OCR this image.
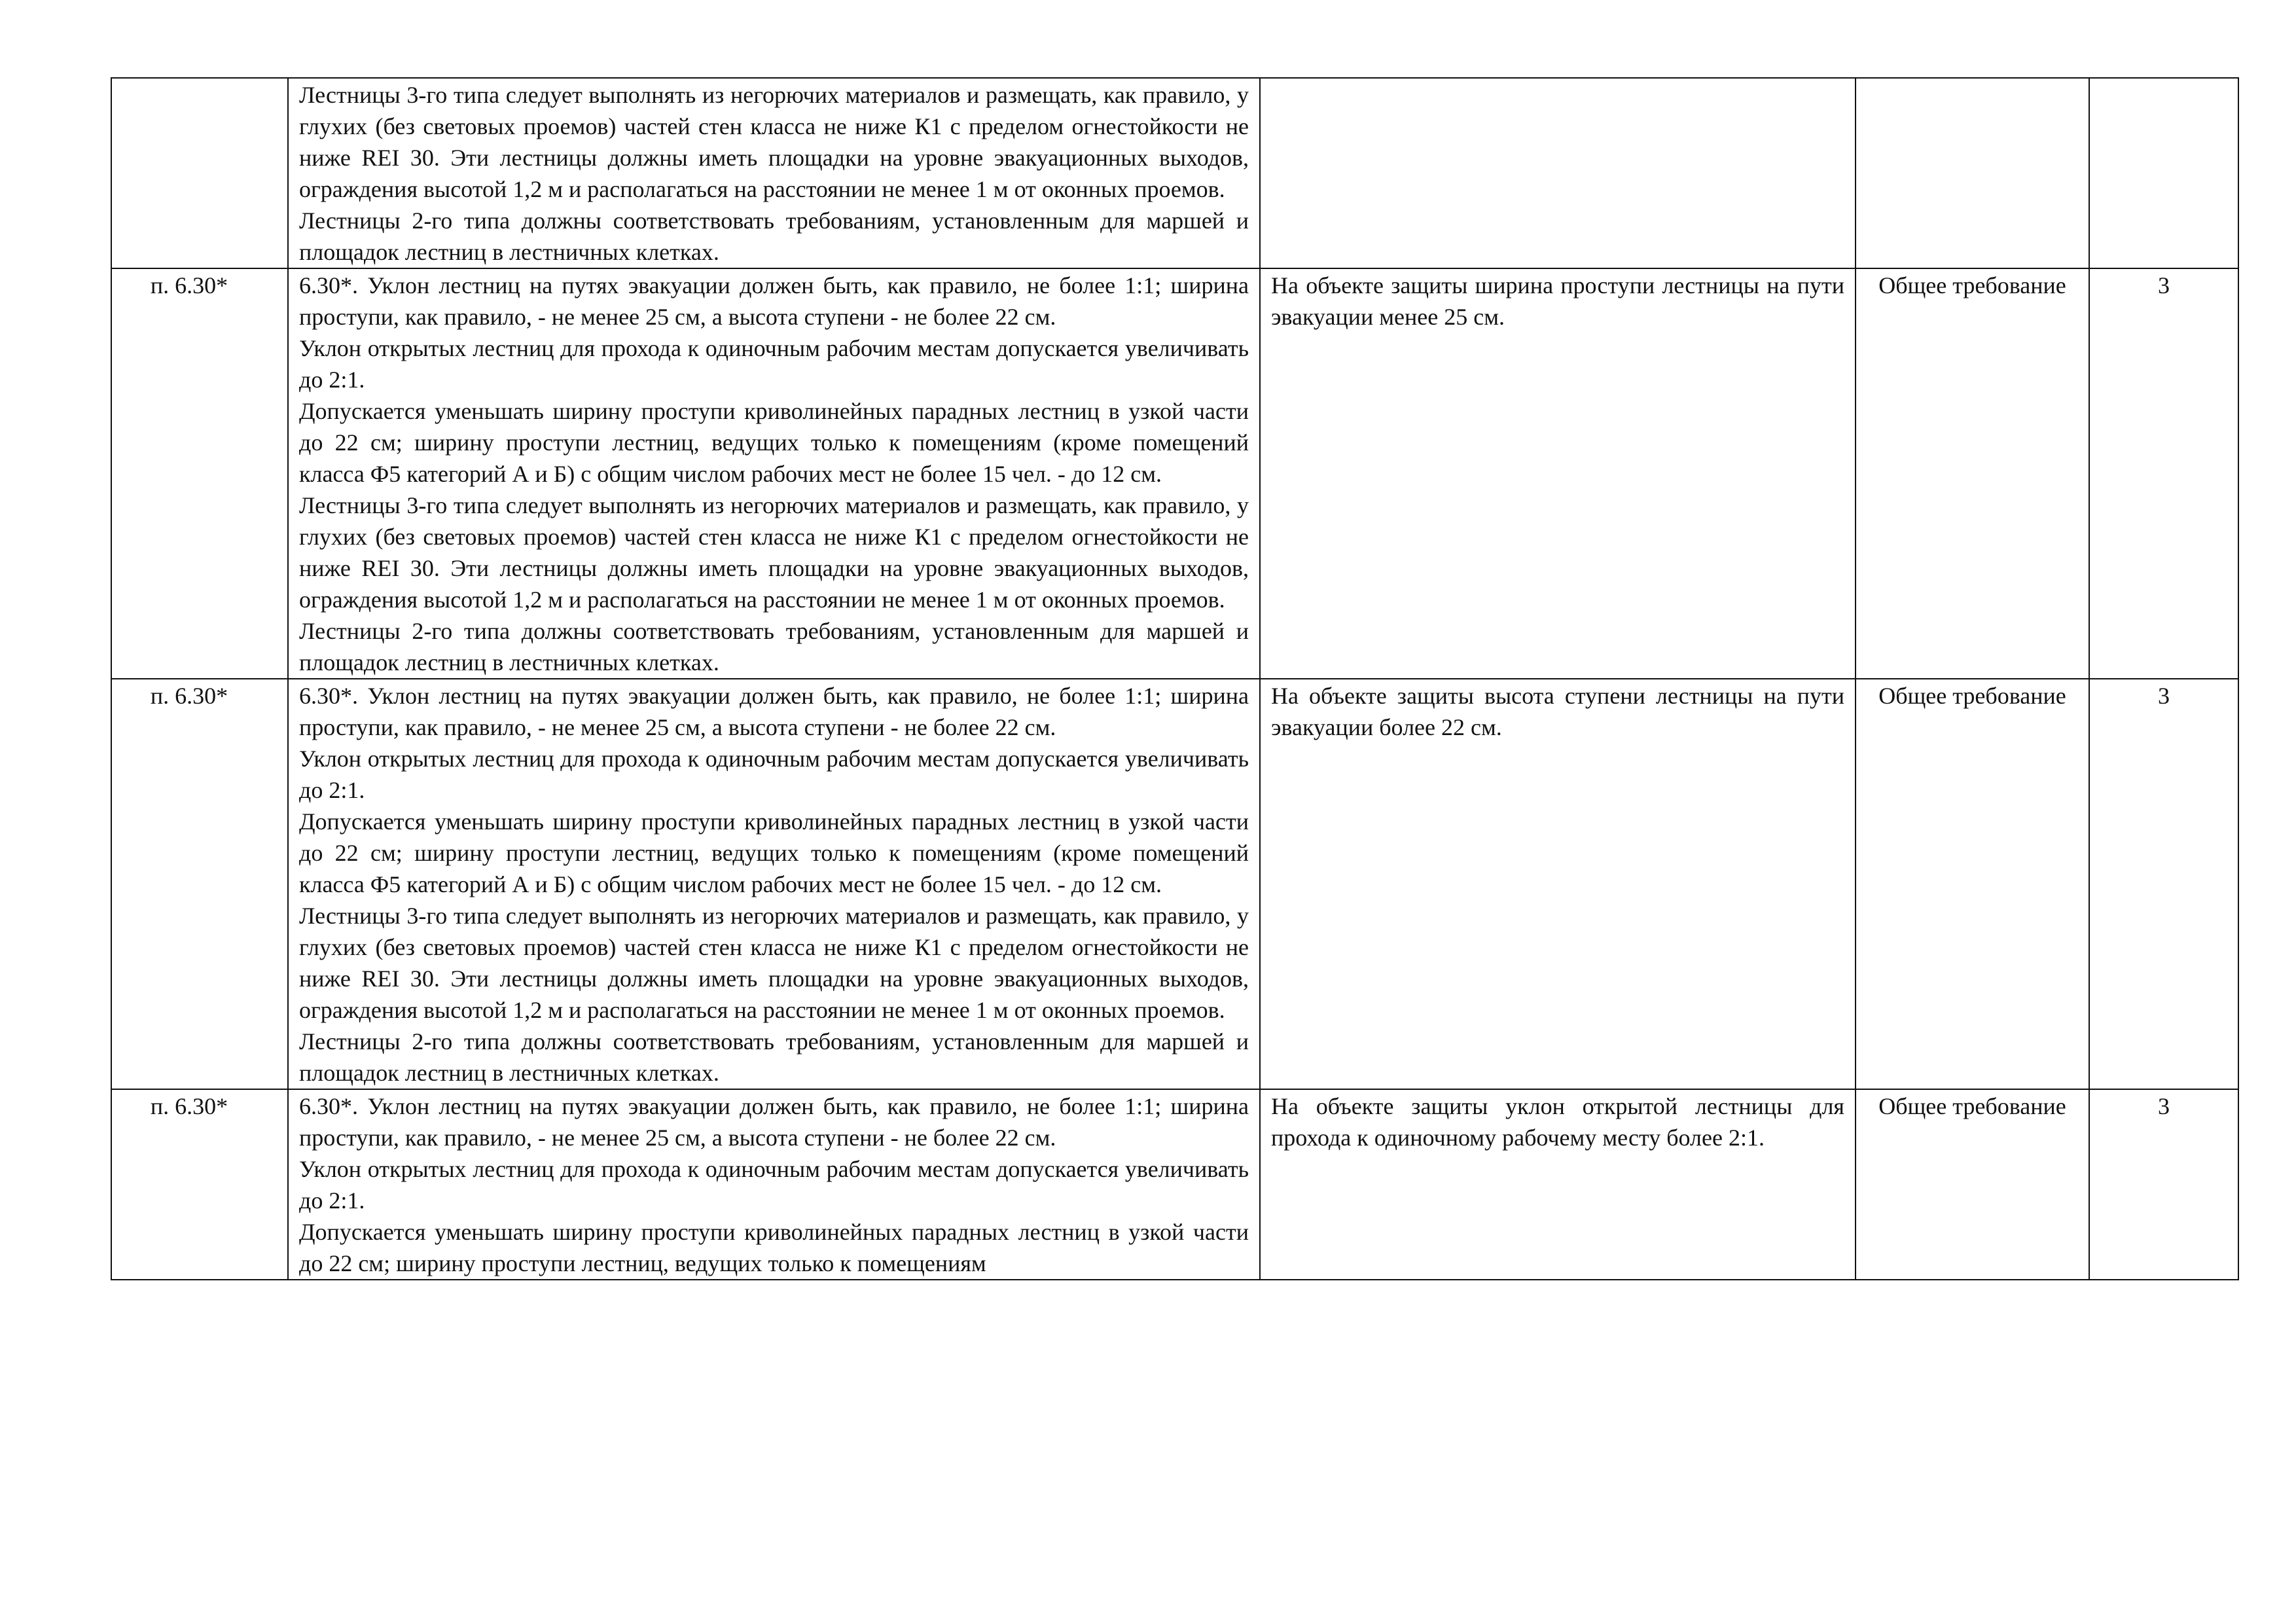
	Лестницы 3-го типа следует выполнять из негорючих материалов и размещать, как правило, у глухих (без световых проемов) частей стен класса не ниже К1 с пределом огнестойкости не ниже REI 30. Эти лестницы должны иметь площадки на уровне эвакуационных выходов, ограждения высотой 1,2 м и располагаться на расстоянии не менее 1 м от оконных проемов.
Лестницы 2-го типа должны соответствовать требованиям, установленным для маршей и площадок лестниц в лестничных клетках.			

п. 6.30*	6.30*. Уклон лестниц на путях эвакуации должен быть, как правило, не более 1:1; ширина проступи, как правило, - не менее 25 см, а высота ступени - не более 22 см.
Уклон открытых лестниц для прохода к одиночным рабочим местам допускается увеличивать до 2:1.
Допускается уменьшать ширину проступи криволинейных парадных лестниц в узкой части до 22 см; ширину проступи лестниц, ведущих только к помещениям (кроме помещений класса Ф5 категорий А и Б) с общим числом рабочих мест не более 15 чел. - до 12 см.
Лестницы 3-го типа следует выполнять из негорючих материалов и размещать, как правило, у глухих (без световых проемов) частей стен класса не ниже К1 с пределом огнестойкости не ниже REI 30. Эти лестницы должны иметь площадки на уровне эвакуационных выходов, ограждения высотой 1,2 м и располагаться на расстоянии не менее 1 м от оконных проемов.
Лестницы 2-го типа должны соответствовать требованиям, установленным для маршей и площадок лестниц в лестничных клетках.	На объекте защиты ширина проступи лестницы на пути эвакуации менее 25 см.	Общее требование	3
п. 6.30*	6.30*. Уклон лестниц на путях эвакуации должен быть, как правило, не более 1:1; ширина проступи, как правило, - не менее 25 см, а высота ступени - не более 22 см.
Уклон открытых лестниц для прохода к одиночным рабочим местам допускается увеличивать до 2:1.
Допускается уменьшать ширину проступи криволинейных парадных лестниц в узкой части до 22 см; ширину проступи лестниц, ведущих только к помещениям (кроме помещений класса Ф5 категорий А и Б) с общим числом рабочих мест не более 15 чел. - до 12 см.
Лестницы 3-го типа следует выполнять из негорючих материалов и размещать, как правило, у глухих (без световых проемов) частей стен класса не ниже К1 с пределом огнестойкости не ниже REI 30. Эти лестницы должны иметь площадки на уровне эвакуационных выходов, ограждения высотой 1,2 м и располагаться на расстоянии не менее 1 м от оконных проемов.
Лестницы 2-го типа должны соответствовать требованиям, установленным для маршей и площадок лестниц в лестничных клетках.	На объекте защиты высота ступени лестницы на пути эвакуации более 22 см.	Общее требование	3
п. 6.30*	6.30*. Уклон лестниц на путях эвакуации должен быть, как правило, не более 1:1; ширина проступи, как правило, - не менее 25 см, а высота ступени - не более 22 см.
Уклон открытых лестниц для прохода к одиночным рабочим местам допускается увеличивать до 2:1.
Допускается уменьшать ширину проступи криволинейных парадных лестниц в узкой части до 22 см; ширину проступи лестниц, ведущих только к помещениям	На объекте защиты уклон открытой лестницы для прохода к одиночному рабочему месту более 2:1.	Общее требование	3
